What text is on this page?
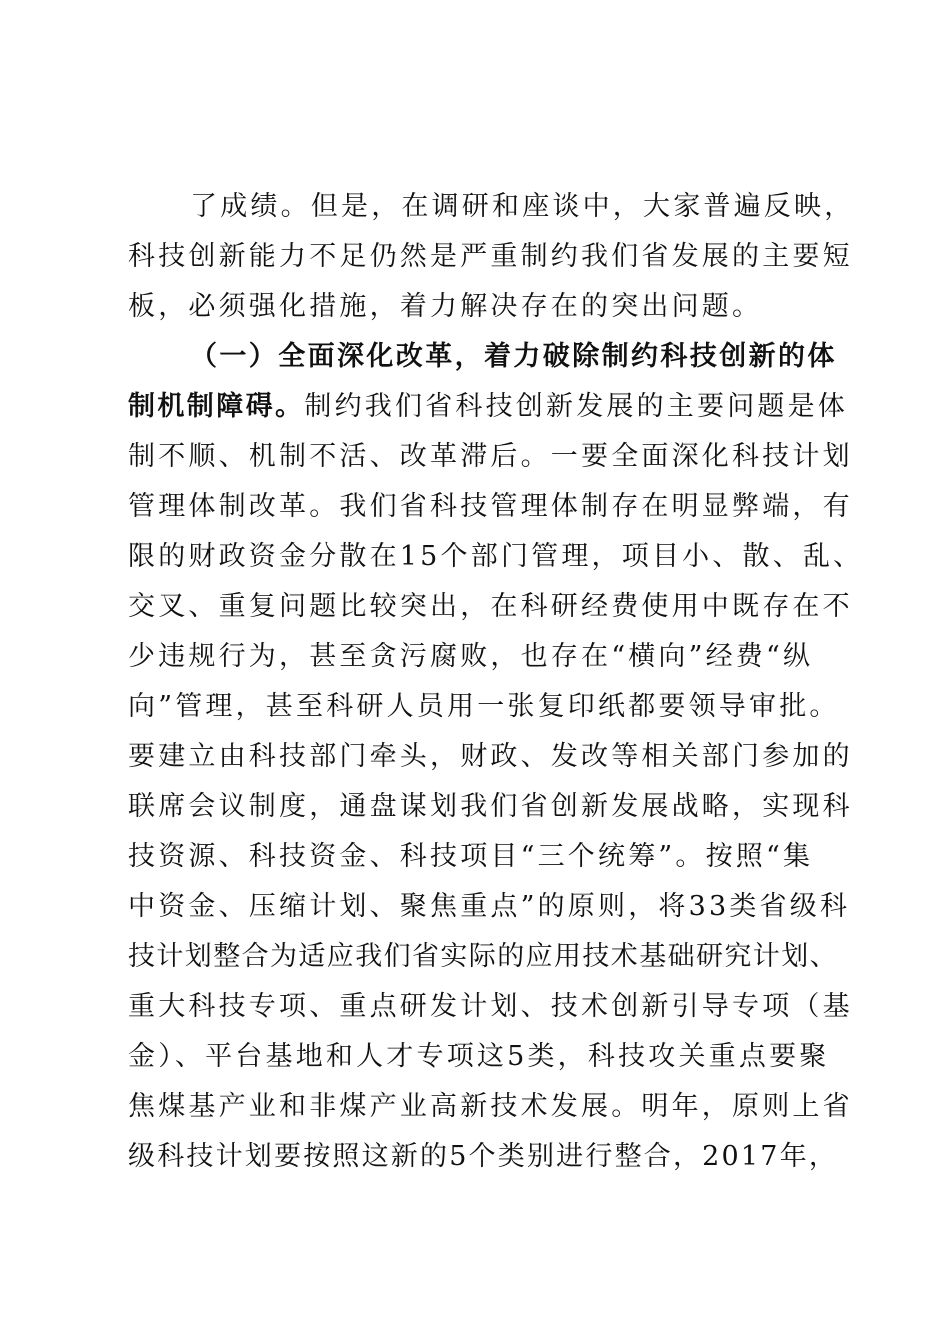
了成绩。但是，在调研和座谈中，大家普遍反映，
科技创新能力不足仍然是严重制约我们省发展的主要短
板，必须强化措施，着力解决存在的突出问题。
（一）全面深化改革，着力破除制约科技创新的体
制机制障碍。制约我们省科技创新发展的主要问题是体
制不顺、机制不活、改革滞后。一要全面深化科技计划
管理体制改革。我们省科技管理体制存在明显弊端，有
限的财政资金分散在15个部门管理，项目小、散、乱、
交叉、重复问题比较突出，在科研经费使用中既存在不
少违规行为，甚至贪污腐败，也存在“横向”经费“纵
向”管理，甚至科研人员用一张复印纸都要领导审批。
要建立由科技部门牵头，财政、发改等相关部门参加的
联席会议制度，通盘谋划我们省创新发展战略，实现科
技资源、科技资金、科技项目“三个统筹”。按照“集
中资金、压缩计划、聚焦重点”的原则，将33类省级科
技计划整合为适应我们省实际的应用技术基础研究计划、
重大科技专项、重点研发计划、技术创新引导专项（基
金）、平台基地和人才专项这5类，科技攻关重点要聚
焦煤基产业和非煤产业高新技术发展。明年，原则上省
级科技计划要按照这新的5个类别进行整合，2017年，
